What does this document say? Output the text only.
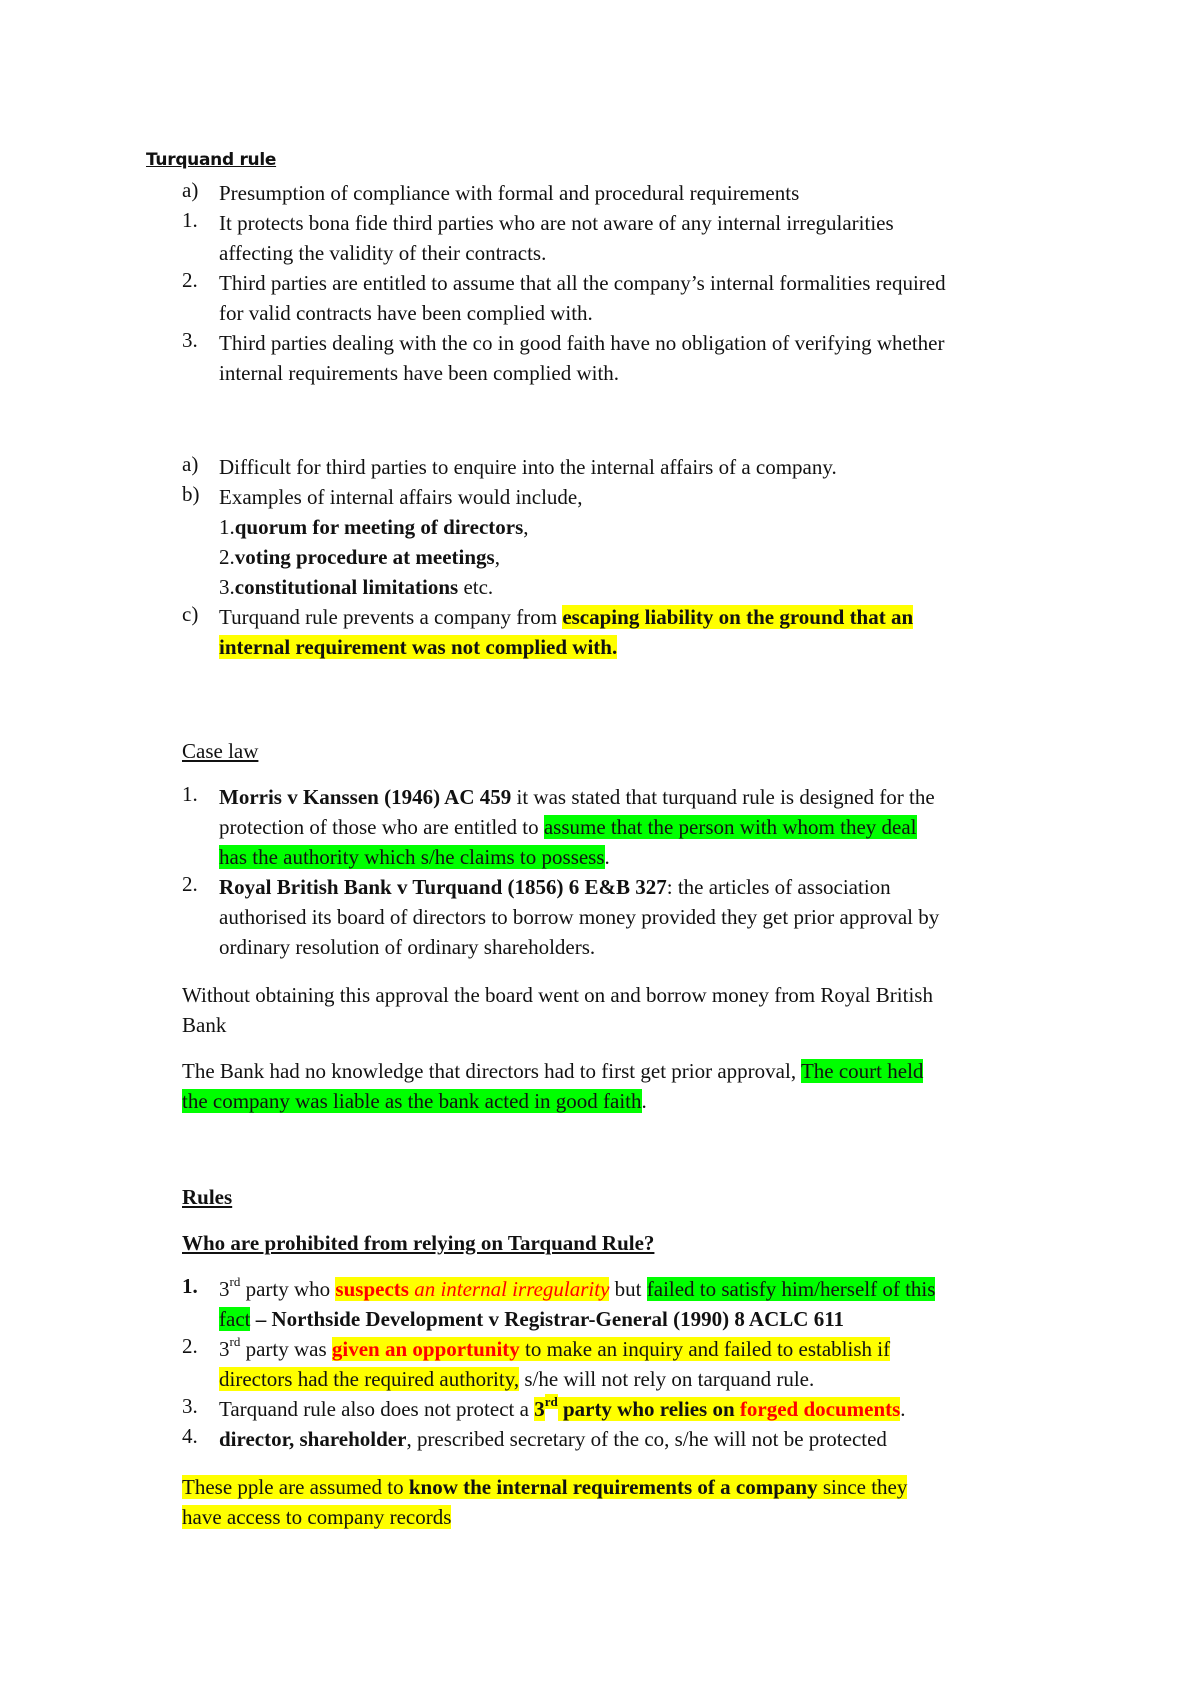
Turquand rule
a) Presumption of compliance with formal and procedural requirements
1. It protects bona fide third parties who are not aware of any internal irregularities
affecting the validity of their contracts.
2. Third parties are entitled to assume that all the company’s internal formalities required
for valid contracts have been complied with.
3. Third parties dealing with the co in good faith have no obligation of verifying whether
internal requirements have been complied with.
a) Difficult for third parties to enquire into the internal affairs of a company.
b) Examples of internal affairs would include,
1.quorum for meeting of directors,
2.voting procedure at meetings,
3.constitutional limitations etc.
c) Turquand rule prevents a company from escaping liability on the ground that an
internal requirement was not complied with.
Case law
1. Morris v Kanssen (1946) AC 459 it was stated that turquand rule is designed for the
protection of those who are entitled to assume that the person with whom they deal
has the authority which s/he claims to possess.
2. Royal British Bank v Turquand (1856) 6 E&B 327: the articles of association
authorised its board of directors to borrow money provided they get prior approval by
ordinary resolution of ordinary shareholders.
Without obtaining this approval the board went on and borrow money from Royal British
Bank
The Bank had no knowledge that directors had to first get prior approval, The court held
the company was liable as the bank acted in good faith.
Rules
Who are prohibited from relying on Tarquand Rule?
1. 3rd party who suspects an internal irregularity but failed to satisfy him/herself of this
fact – Northside Development v Registrar-General (1990) 8 ACLC 611
2. 3rd party was given an opportunity to make an inquiry and failed to establish if
directors had the required authority, s/he will not rely on tarquand rule.
3. Tarquand rule also does not protect a 3rd party who relies on forged documents.
4. director, shareholder, prescribed secretary of the co, s/he will not be protected
These pple are assumed to know the internal requirements of a company since they
have access to company records
